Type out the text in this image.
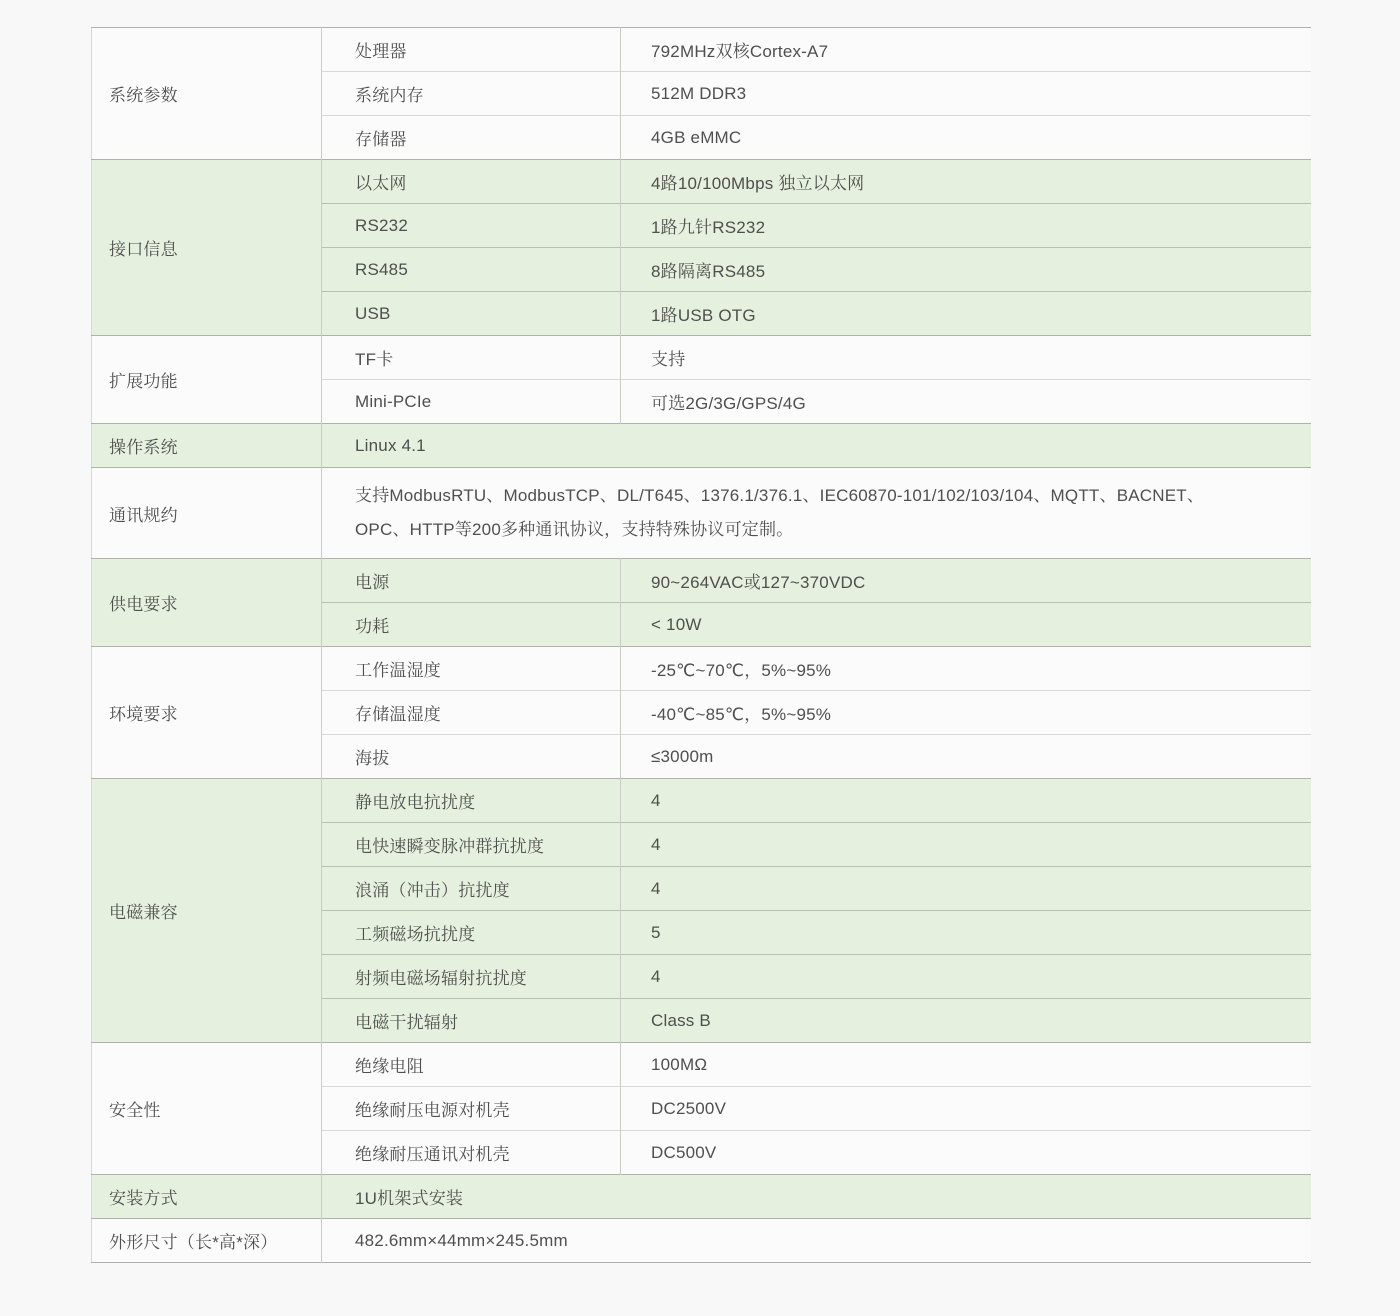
系统参数	处理器	792MHz双核Cortex-A7
	系统内存	512M DDR3
	存储器	4GB eMMC
接口信息	以太网	4路10/100Mbps 独立以太网
	RS232	1路九针RS232
	RS485	8路隔离RS485
	USB	1路USB OTG
扩展功能	TF卡	支持
	Mini-PCIe	可选2G/3G/GPS/4G
操作系统	Linux 4.1	
通讯规约	支持ModbusRTU、ModbusTCP、DL/T645、1376.1/376.1、IEC60870-101/102/103/104、MQTT、BACNET、OPC、HTTP等200多种通讯协议，支持特殊协议可定制。	
供电要求	电源	90~264VAC或127~370VDC
	功耗	< 10W
环境要求	工作温湿度	-25℃~70℃，5%~95%
	存储温湿度	-40℃~85℃，5%~95%
	海拔	≤3000m
电磁兼容	静电放电抗扰度	4
	电快速瞬变脉冲群抗扰度	4
	浪涌（冲击）抗扰度	4
	工频磁场抗扰度	5
	射频电磁场辐射抗扰度	4
	电磁干扰辐射	Class B
安全性	绝缘电阻	100MΩ
	绝缘耐压电源对机壳	DC2500V
	绝缘耐压通讯对机壳	DC500V
安装方式	1U机架式安装	
外形尺寸（长*高*深）	482.6mm×44mm×245.5mm	
